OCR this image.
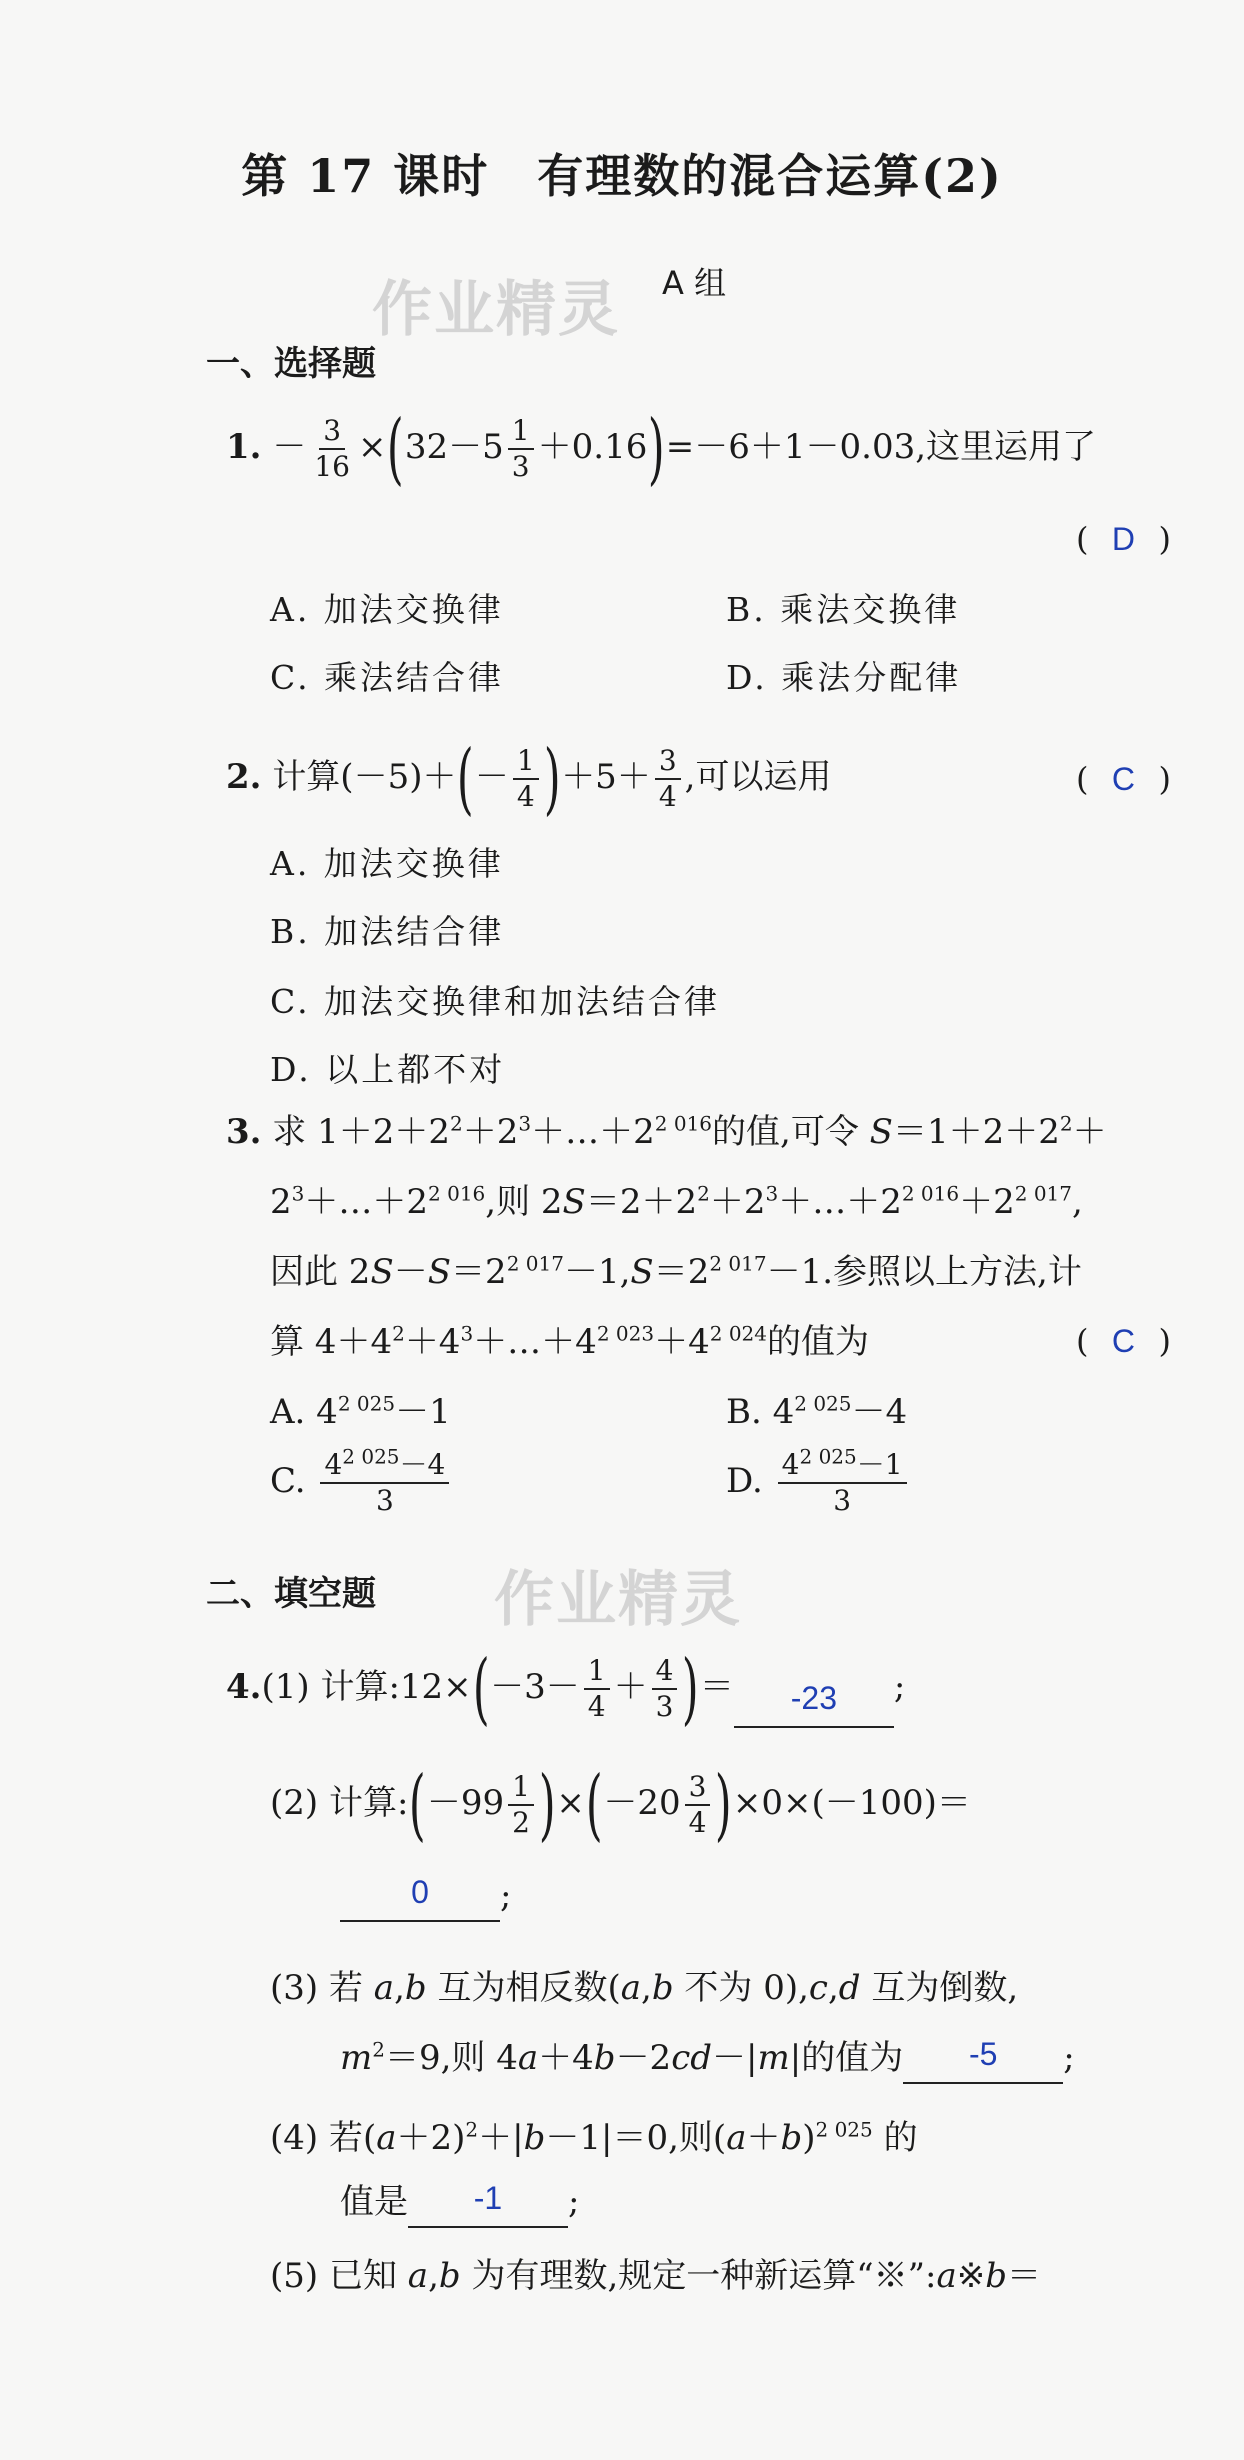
第 17 课时　有理数的混合运算(2)
作业精灵
作业精灵
A 组
一、选择题
1. － $\frac{3}{16} \times(32-5 \frac{1}{3} +0.16)=-6+1-0.03$,这里运用了
( D )
A. 加法交换律	B. 乘法交换律
C. 乘法结合律	D. 乘法分配律
2. 计算$(-5)+(- \frac{1}{4} )+5+ \frac{3}{4}$ ,可以运用	( C )
A. 加法交换律
B. 加法结合律
C. 加法交换律和加法结合律
D. 以上都不对
3. 求 $1+2+2^2+2^3+\dots+2^{2 016}$的值,可令 $S=1+2+2^2+$
$2^3+\dots+2^{2 016}$,则 $2S=2+2^2+2^3+\dots+2^{2 016}+2^{2 017}$,
因此 $2S-S=2^{2 017}-1,S=2^{2 017}-1$.参照以上方法,计
算 $4+4^2+4^3+\dots+4^{2 023}+4^{2 024}$的值为	( C )
A. $4^{2 025}-1$	B. $4^{2 025}-4$
C. $\frac{4^{2 025}-4}{3}$	D. $\frac{4^{2 025}-1}{3}$
二、填空题
4.(1) 计算:12×(－3－ $\frac{1}{4} + \frac{4}{3}$ )＝	-23	;
(2) 计算:(－99 $\frac{1}{2} )\times(-20 \frac{3}{4} )\times 0\times(-100)=$
0	;
(3) 若 a,b 互为相反数(a,b 不为 0),c,d 互为倒数,
$m^2=9$,则 4a＋4b－2cd－|m|的值为	-5	;
(4) 若$(a+2)^2+|b-1|=0$,则$(a+b)^{2 025}$ 的
值是	-1	;
(5) 已知 a,b 为有理数,规定一种新运算“※”:a※b＝
